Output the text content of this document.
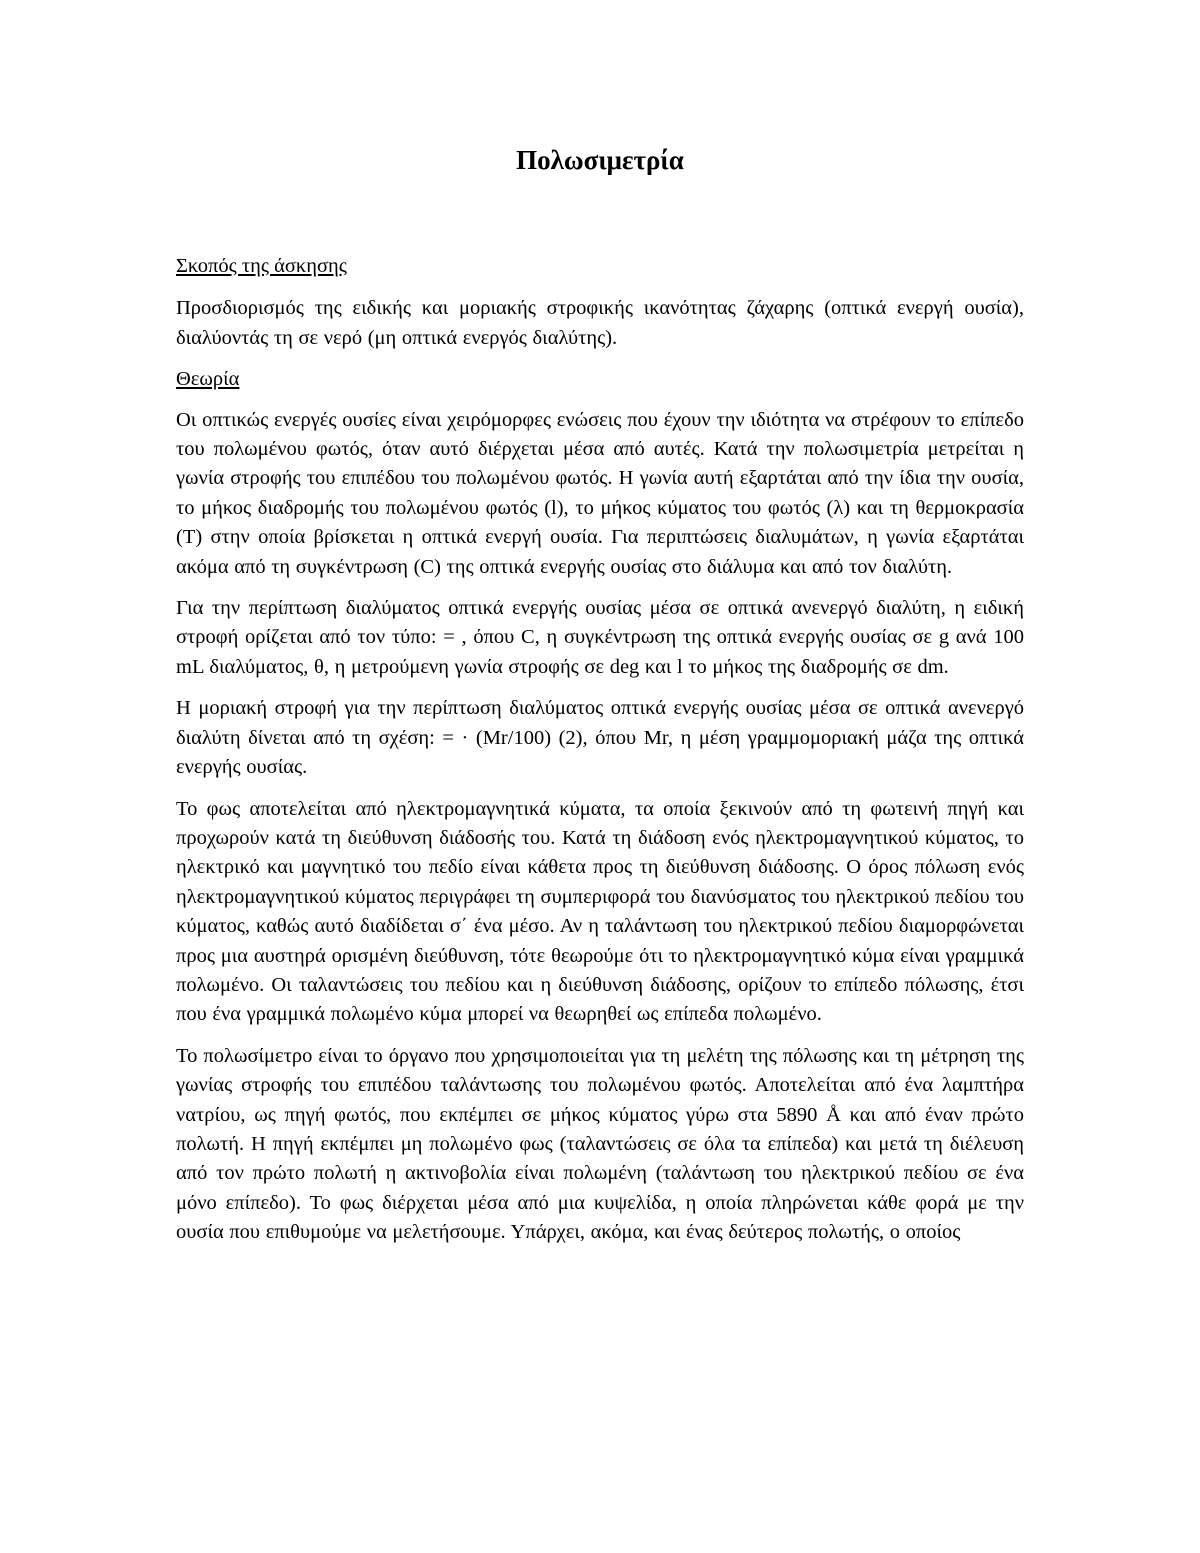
Πολωσιμετρία
Σκοπός της άσκησης

Προσδιορισμός της ειδικής και μοριακής στροφικής ικανότητας ζάχαρης (οπτικά ενεργή ουσία), διαλύοντάς τη σε νερό (μη οπτικά ενεργός διαλύτης).

Θεωρία

Οι οπτικώς ενεργές ουσίες είναι χειρόμορφες ενώσεις που έχουν την ιδιότητα να στρέφουν το επίπεδο του πολωμένου φωτός, όταν αυτό διέρχεται μέσα από αυτές. Κατά την πολωσιμετρία μετρείται η γωνία στροφής του επιπέδου του πολωμένου φωτός. Η γωνία αυτή εξαρτάται από την ίδια την ουσία, το μήκος διαδρομής του πολωμένου φωτός (l), το μήκος κύματος του φωτός (λ) και τη θερμοκρασία (T) στην οποία βρίσκεται η οπτικά ενεργή ουσία. Για περιπτώσεις διαλυμάτων, η γωνία εξαρτάται ακόμα από τη συγκέντρωση (C) της οπτικά ενεργής ουσίας στο διάλυμα και από τον διαλύτη.

Για την περίπτωση διαλύματος οπτικά ενεργής ουσίας μέσα σε οπτικά ανενεργό διαλύτη, η ειδική στροφή ορίζεται από τον τύπο: = , όπου C, η συγκέντρωση της οπτικά ενεργής ουσίας σε g ανά 100 mL διαλύματος, θ, η μετρούμενη γωνία στροφής σε deg και l το μήκος της διαδρομής σε dm.

Η μοριακή στροφή για την περίπτωση διαλύματος οπτικά ενεργής ουσίας μέσα σε οπτικά ανενεργό διαλύτη δίνεται από τη σχέση: = · (Mr/100) (2), όπου Mr, η μέση γραμμομοριακή μάζα της οπτικά ενεργής ουσίας.

Το φως αποτελείται από ηλεκτρομαγνητικά κύματα, τα οποία ξεκινούν από τη φωτεινή πηγή και προχωρούν κατά τη διεύθυνση διάδοσής του. Κατά τη διάδοση ενός ηλεκτρομαγνητικού κύματος, το ηλεκτρικό και μαγνητικό του πεδίο είναι κάθετα προς τη διεύθυνση διάδοσης. Ο όρος πόλωση ενός ηλεκτρομαγνητικού κύματος περιγράφει τη συμπεριφορά του διανύσματος του ηλεκτρικού πεδίου του κύματος, καθώς αυτό διαδίδεται σ΄ ένα μέσο. Αν η ταλάντωση του ηλεκτρικού πεδίου διαμορφώνεται προς μια αυστηρά ορισμένη διεύθυνση, τότε θεωρούμε ότι το ηλεκτρομαγνητικό κύμα είναι γραμμικά πολωμένο. Οι ταλαντώσεις του πεδίου και η διεύθυνση διάδοσης, ορίζουν το επίπεδο πόλωσης, έτσι που ένα γραμμικά πολωμένο κύμα μπορεί να θεωρηθεί ως επίπεδα πολωμένο.

Το πολωσίμετρο είναι το όργανο που χρησιμοποιείται για τη μελέτη της πόλωσης και τη μέτρηση της γωνίας στροφής του επιπέδου ταλάντωσης του πολωμένου φωτός. Αποτελείται από ένα λαμπτήρα νατρίου, ως πηγή φωτός, που εκπέμπει σε μήκος κύματος γύρω στα 5890 Å και από έναν πρώτο πολωτή. Η πηγή εκπέμπει μη πολωμένο φως (ταλαντώσεις σε όλα τα επίπεδα) και μετά τη διέλευση από τον πρώτο πολωτή η ακτινοβολία είναι πολωμένη (ταλάντωση του ηλεκτρικού πεδίου σε ένα μόνο επίπεδο). Το φως διέρχεται μέσα από μια κυψελίδα, η οποία πληρώνεται κάθε φορά με την ουσία που επιθυμούμε να μελετήσουμε. Υπάρχει, ακόμα, και ένας δεύτερος πολωτής, ο οποίος
